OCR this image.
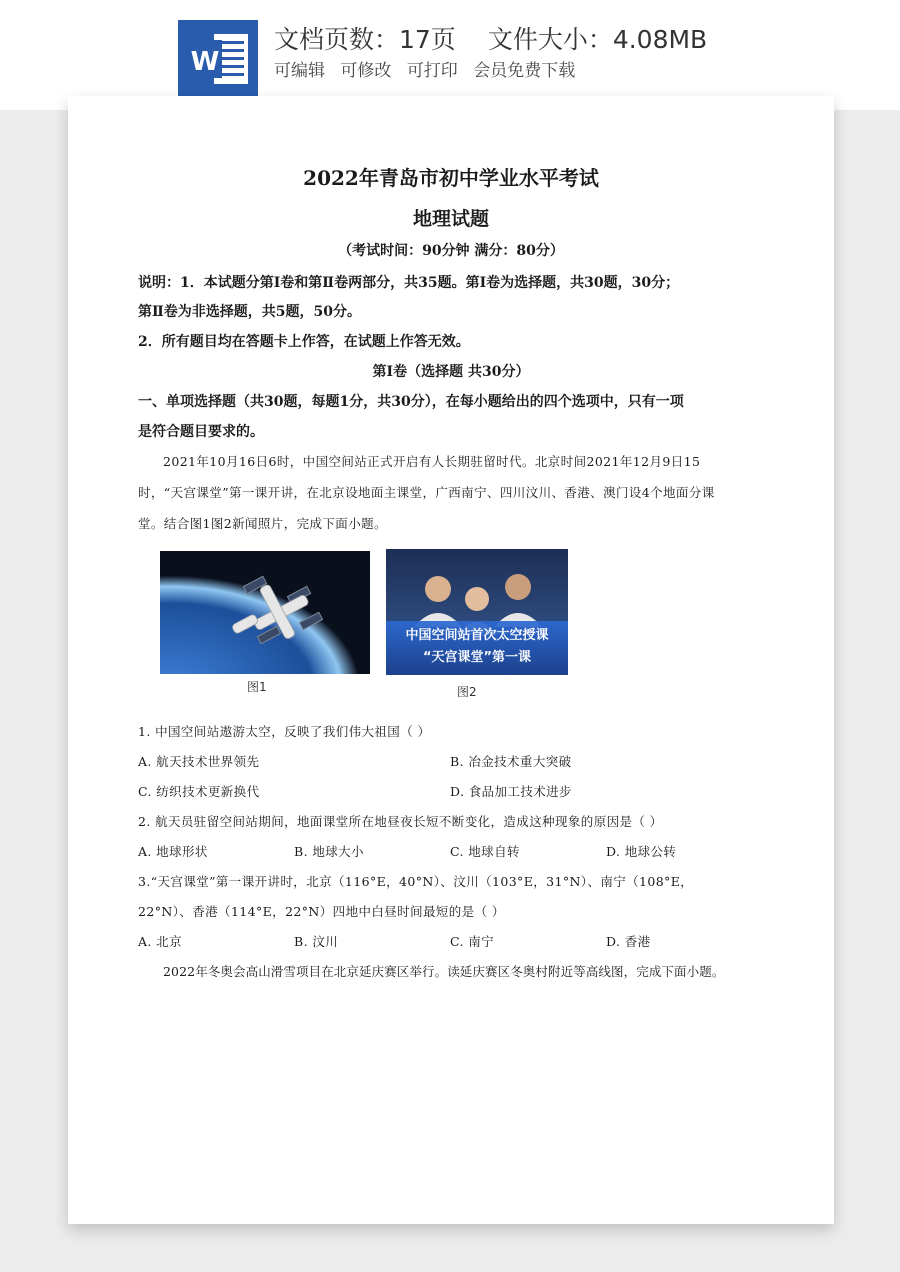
W
文档页数：17页 文件大小：4.08MB
可编辑 可修改 可打印 会员免费下载
2022年青岛市初中学业水平考试
地理试题
（考试时间：90分钟 满分：80分）
说明：1．本试题分第Ⅰ卷和第Ⅱ卷两部分，共35题。第Ⅰ卷为选择题，共30题，30分；
第Ⅱ卷为非选择题，共5题，50分。
2．所有题目均在答题卡上作答，在试题上作答无效。
第Ⅰ卷（选择题 共30分）
一、单项选择题（共30题，每题1分，共30分），在每小题给出的四个选项中，只有一项
是符合题目要求的。
2021年10月16日6时，中国空间站正式开启有人长期驻留时代。北京时间2021年12月9日15
时，“天宫课堂”第一课开讲，在北京设地面主课堂，广西南宁、四川汶川、香港、澳门设4个地面分课
堂。结合图1图2新闻照片，完成下面小题。
图1
中国空间站首次太空授课
“天宫课堂”第一课
图2
1. 中国空间站遨游太空，反映了我们伟大祖国（ ）
A. 航天技术世界领先	B. 冶金技术重大突破
C. 纺织技术更新换代	D. 食品加工技术进步
2. 航天员驻留空间站期间，地面课堂所在地昼夜长短不断变化，造成这种现象的原因是（ ）
A. 地球形状	B. 地球大小	C. 地球自转	D. 地球公转
3.“天宫课堂”第一课开讲时，北京（116°E，40°N）、汶川（103°E，31°N）、南宁（108°E，
22°N）、香港（114°E，22°N）四地中白昼时间最短的是（ ）
A. 北京	B. 汶川	C. 南宁	D. 香港
2022年冬奥会高山滑雪项目在北京延庆赛区举行。读延庆赛区冬奥村附近等高线图，完成下面小题。
